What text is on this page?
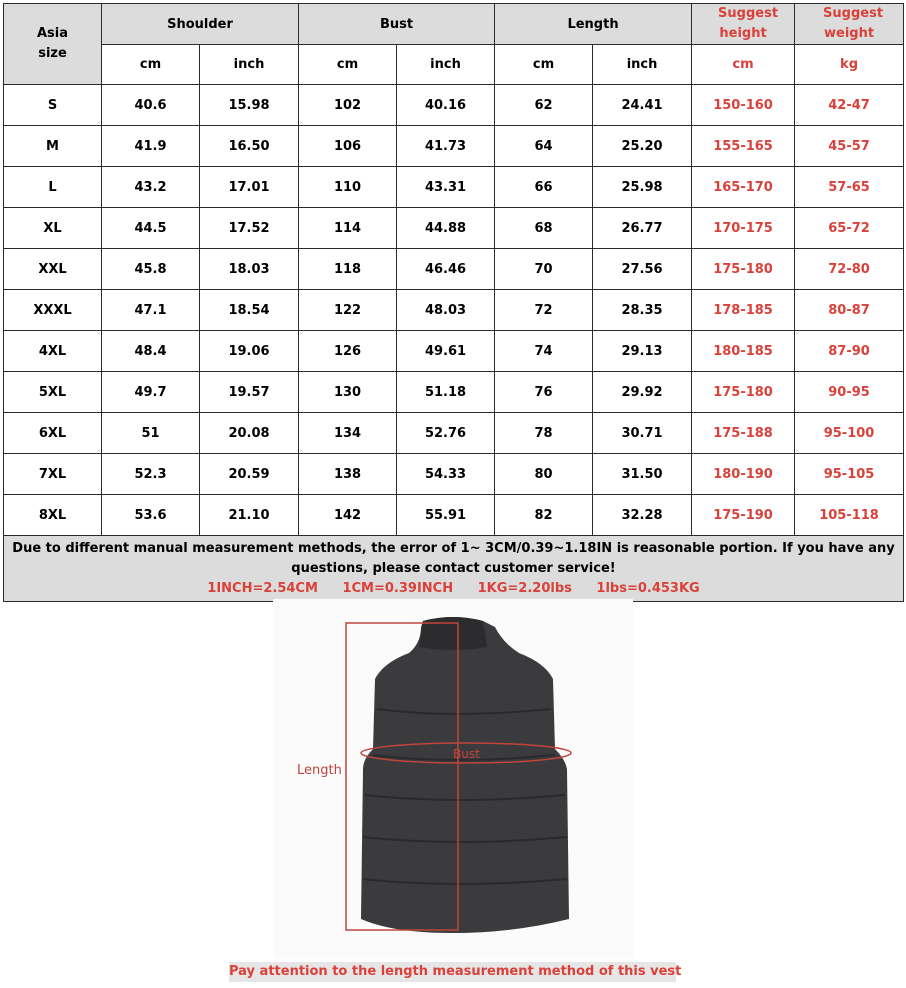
Asia size	Shoulder		Bust		Length		Suggest height	Suggest weight
	cm	inch	cm	inch	cm	inch	cm	kg
S	40.6	15.98	102	40.16	62	24.41	150-160	42-47
M	41.9	16.50	106	41.73	64	25.20	155-165	45-57
L	43.2	17.01	110	43.31	66	25.98	165-170	57-65
XL	44.5	17.52	114	44.88	68	26.77	170-175	65-72
XXL	45.8	18.03	118	46.46	70	27.56	175-180	72-80
XXXL	47.1	18.54	122	48.03	72	28.35	178-185	80-87
4XL	48.4	19.06	126	49.61	74	29.13	180-185	87-90
5XL	49.7	19.57	130	51.18	76	29.92	175-180	90-95
6XL	51	20.08	134	52.76	78	30.71	175-188	95-100
7XL	52.3	20.59	138	54.33	80	31.50	180-190	95-105
8XL	53.6	21.10	142	55.91	82	32.28	175-190	105-118

Due to different manual measurement methods, the error of 1~ 3CM/0.39~1.18IN is reasonable portion. If you have any questions, please contact customer service!
1INCH=2.54CM 1CM=0.39INCH 1KG=2.20lbs 1lbs=0.453KG								
Length
Bust
Pay attention to the length measurement method of this vest
